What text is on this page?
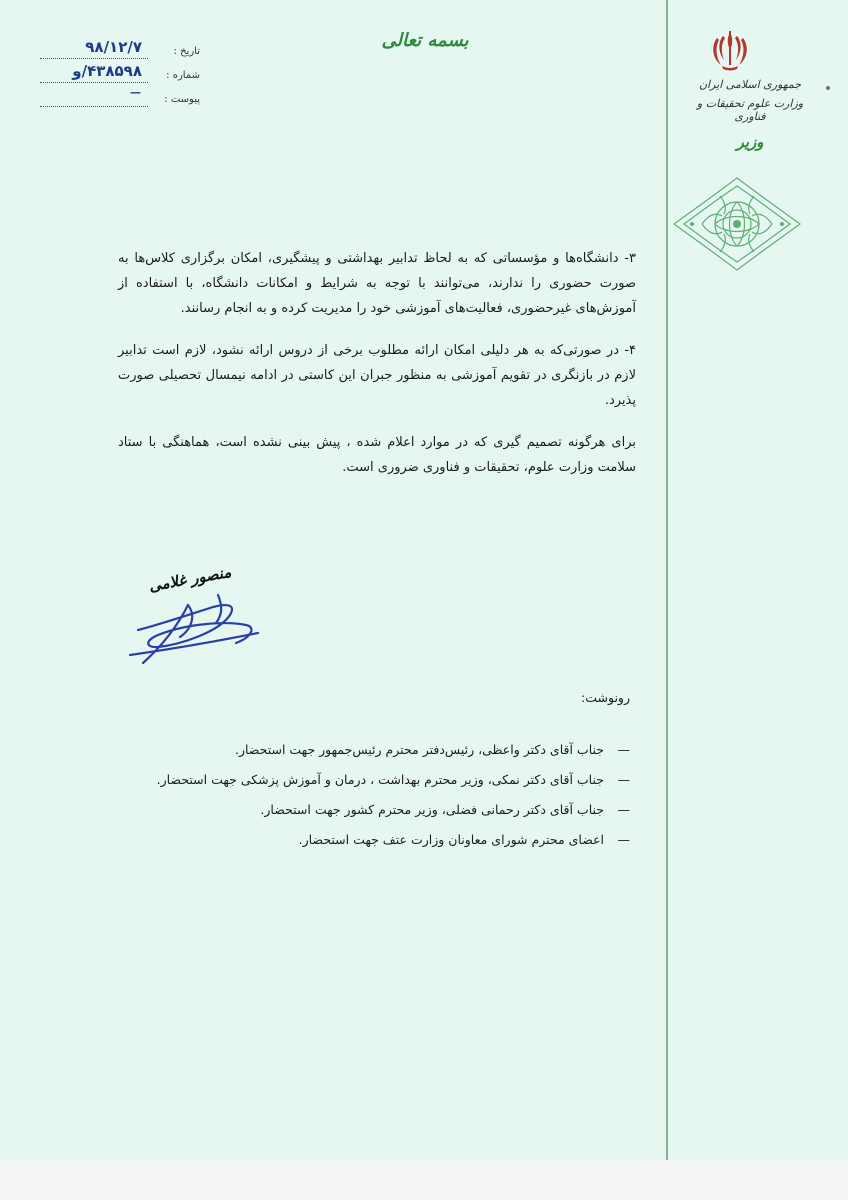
تاریخ :
۹۸/۱۲/۷
شماره :
۴۳۸۵۹۸/و
پیوست :
—
بسمه تعالی
جمهوری اسلامی ایران
وزارت علوم تحقیقات و فناوری
وزیر

۳- دانشگاه‌ها و مؤسساتی که به لحاظ تدابیر بهداشتی و پیشگیری، امکان برگزاری کلاس‌ها به صورت حضوری را ندارند، می‌توانند با توجه به شرایط و امکانات دانشگاه، با استفاده از آموزش‌های غیرحضوری، فعالیت‌های آموزشی خود را مدیریت کرده و به انجام رسانند.

۴- در صورتی‌که به هر دلیلی امکان ارائه مطلوب برخی از دروس ارائه نشود، لازم است تدابیر لازم در بازنگری در تقویم آموزشی به منظور جبران این کاستی در ادامه نیمسال تحصیلی صورت پذیرد.

برای هرگونه تصمیم گیری که در موارد اعلام شده ، پیش بینی نشده است، هماهنگی با ستاد سلامت وزارت علوم، تحقیقات و فناوری ضروری است.

منصور غلامی
رونوشت:
—
جناب آقای دکتر واعظی، رئیس‌دفتر محترم رئیس‌جمهور جهت استحضار.
—
جناب آقای دکتر نمکی، وزیر محترم بهداشت ، درمان و آموزش پزشکی جهت استحضار.
—
جناب آقای دکتر رحمانی فضلی، وزیر محترم کشور جهت استحضار.
—
اعضای محترم شورای معاونان وزارت عتف جهت استحضار.
